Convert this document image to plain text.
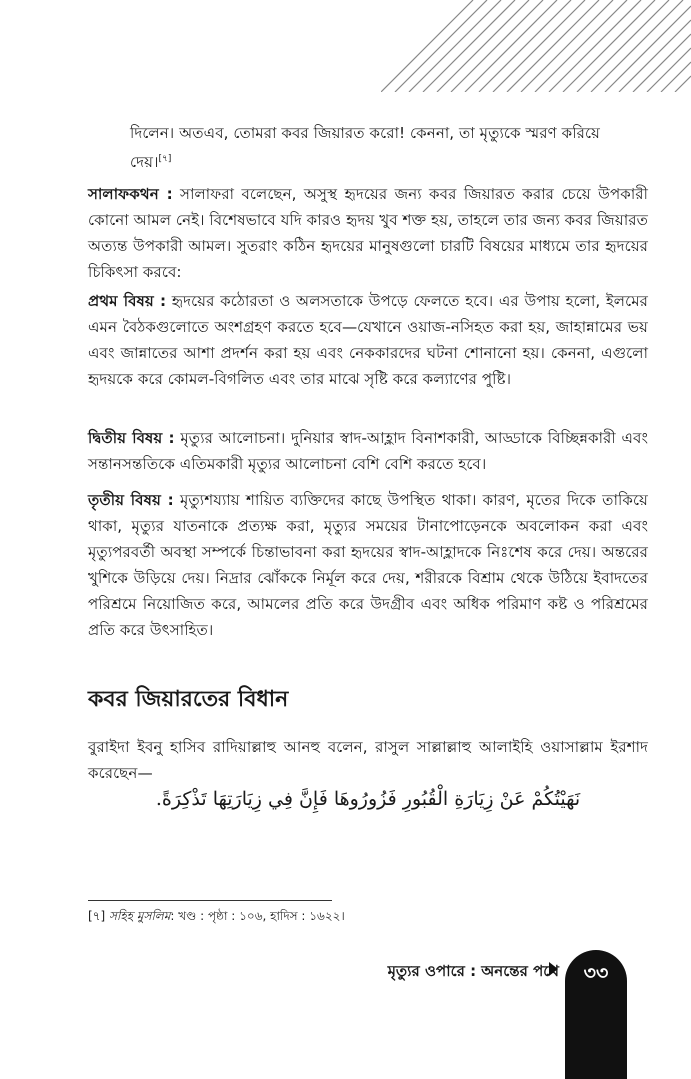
দিলেন। অতএব, তোমরা কবর জিয়ারত করো! কেননা, তা মৃত্যুকে স্মরণ করিয়ে দেয়।[৭]
সালাফকথন : সালাফরা বলেছেন, অসুস্থ হৃদয়ের জন্য কবর জিয়ারত করার চেয়ে উপকারী কোনো আমল নেই। বিশেষভাবে যদি কারও হৃদয় খুব শক্ত হয়, তাহলে তার জন্য কবর জিয়ারত অত্যন্ত উপকারী আমল। সুতরাং কঠিন হৃদয়ের মানুষগুলো চারটি বিষয়ের মাধ্যমে তার হৃদয়ের চিকিৎসা করবে:
প্রথম বিষয় : হৃদয়ের কঠোরতা ও অলসতাকে উপড়ে ফেলতে হবে। এর উপায় হলো, ইলমের এমন বৈঠকগুলোতে অংশগ্রহণ করতে হবে—যেখানে ওয়াজ-নসিহত করা হয়, জাহান্নামের ভয় এবং জান্নাতের আশা প্রদর্শন করা হয় এবং নেককারদের ঘটনা শোনানো হয়। কেননা, এগুলো হৃদয়কে করে কোমল-বিগলিত এবং তার মাঝে সৃষ্টি করে কল্যাণের পুষ্টি।
দ্বিতীয় বিষয় : মৃত্যুর আলোচনা। দুনিয়ার স্বাদ-আহ্লাদ বিনাশকারী, আড্ডাকে বিচ্ছিন্নকারী এবং সন্তানসন্ততিকে এতিমকারী মৃত্যুর আলোচনা বেশি বেশি করতে হবে।
তৃতীয় বিষয় : মৃত্যুশয্যায় শায়িত ব্যক্তিদের কাছে উপস্থিত থাকা। কারণ, মৃতের দিকে তাকিয়ে থাকা, মৃত্যুর যাতনাকে প্রত্যক্ষ করা, মৃত্যুর সময়ের টানাপোড়েনকে অবলোকন করা এবং মৃত্যুপরবর্তী অবস্থা সম্পর্কে চিন্তাভাবনা করা হৃদয়ের স্বাদ-আহ্লাদকে নিঃশেষ করে দেয়। অন্তরের খুশিকে উড়িয়ে দেয়। নিদ্রার ঝোঁককে নির্মূল করে দেয়, শরীরকে বিশ্রাম থেকে উঠিয়ে ইবাদতের পরিশ্রমে নিয়োজিত করে, আমলের প্রতি করে উদগ্রীব এবং অধিক পরিমাণ কষ্ট ও পরিশ্রমের প্রতি করে উৎসাহিত।
কবর জিয়ারতের বিধান
বুরাইদা ইবনু হাসিব রাদিয়াল্লাহু আনহু বলেন, রাসুল সাল্লাল্লাহু আলাইহি ওয়াসাল্লাম ইরশাদ করেছেন—
نَهَيْتُكُمْ عَنْ زِيَارَةِ الْقُبُورِ فَزُورُوهَا فَإِنَّ فِي زِيَارَتِهَا تَذْكِرَةً.
[৭] সহিহ মুসলিম: খণ্ড : পৃষ্ঠা : ১০৬, হাদিস : ১৬২২।
মৃত্যুর ওপারে : অনন্তের পথে	৩৩
